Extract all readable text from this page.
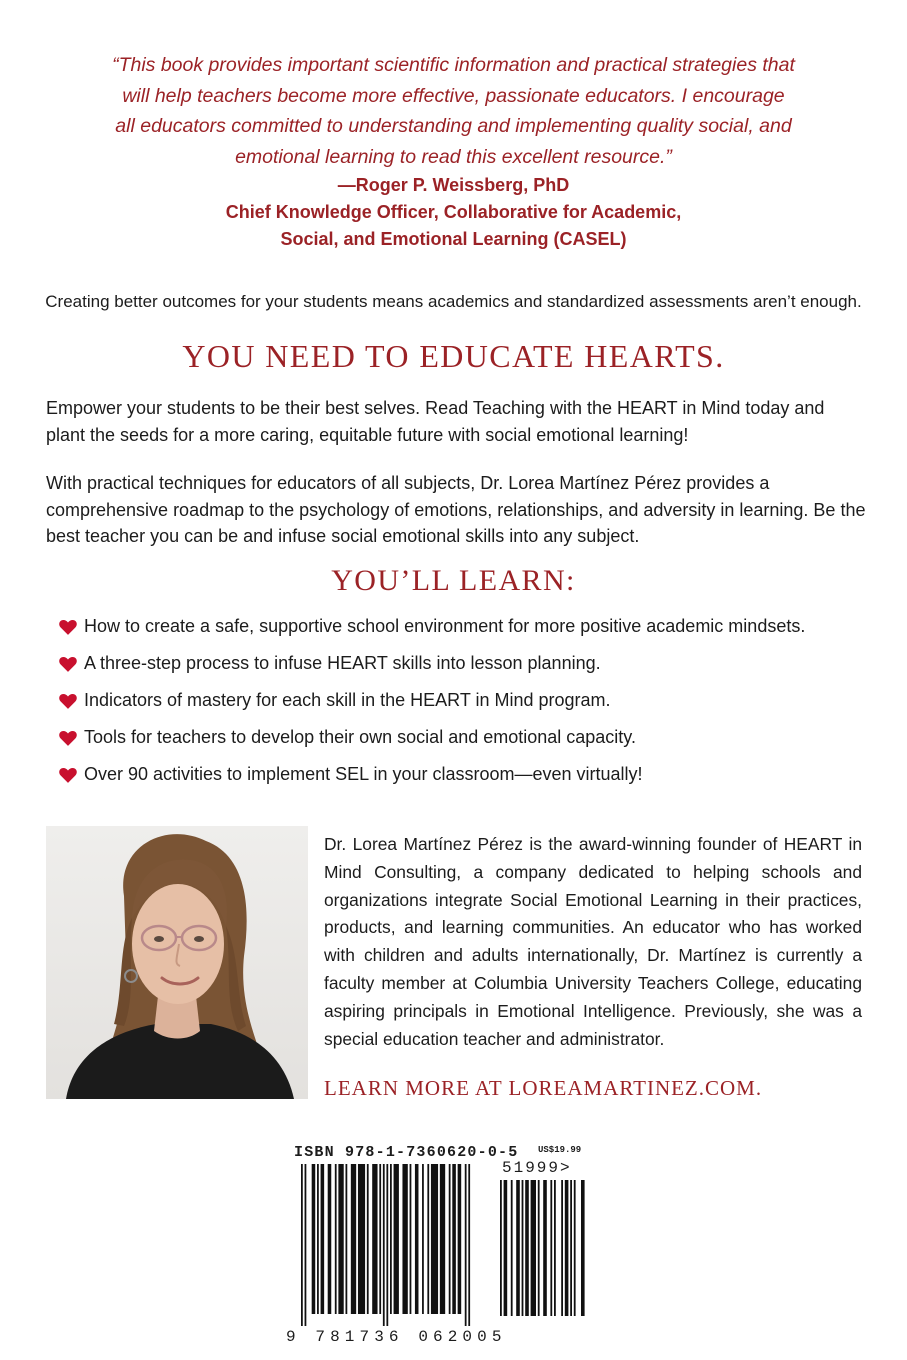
“This book provides important scientific information and practical strategies that

will help teachers become more effective, passionate educators. I encourage

all educators committed to understanding and implementing quality social, and

emotional learning to read this excellent resource.”

—Roger P. Weissberg, PhD
Chief Knowledge Officer, Collaborative for Academic,
Social, and Emotional Learning (CASEL)
Creating better outcomes for your students means academics and standardized assessments aren’t enough.
YOU NEED TO EDUCATE HEARTS.

Empower your students to be their best selves. Read Teaching with the HEART in Mind today and plant the seeds for a more caring, equitable future with social emotional learning!

With practical techniques for educators of all subjects, Dr. Lorea Martínez Pérez provides a comprehensive roadmap to the psychology of emotions, relationships, and adversity in learning. Be the best teacher you can be and infuse social emotional skills into any subject.

YOU’LL LEARN:
How to create a safe, supportive school environment for more positive academic mindsets.
A three-step process to infuse HEART skills into lesson planning.
Indicators of mastery for each skill in the HEART in Mind program.
Tools for teachers to develop their own social and emotional capacity.
Over 90 activities to implement SEL in your classroom—even virtually!

Dr. Lorea Martínez Pérez is the award-winning founder of HEART in Mind Consulting, a company dedicated to helping schools and organizations integrate Social Emotional Learning in their practices, products, and learning communities. An educator who has worked with children and adults internationally, Dr. Martínez is currently a faculty member at Columbia University Teachers College, educating aspiring principals in Emotional Intelligence. Previously, she was a special education teacher and administrator.

LEARN MORE AT LOREAMARTINEZ.COM.
ISBN 978-1-7360620-0-5 US$19.99
51999>
9 781736 062005
